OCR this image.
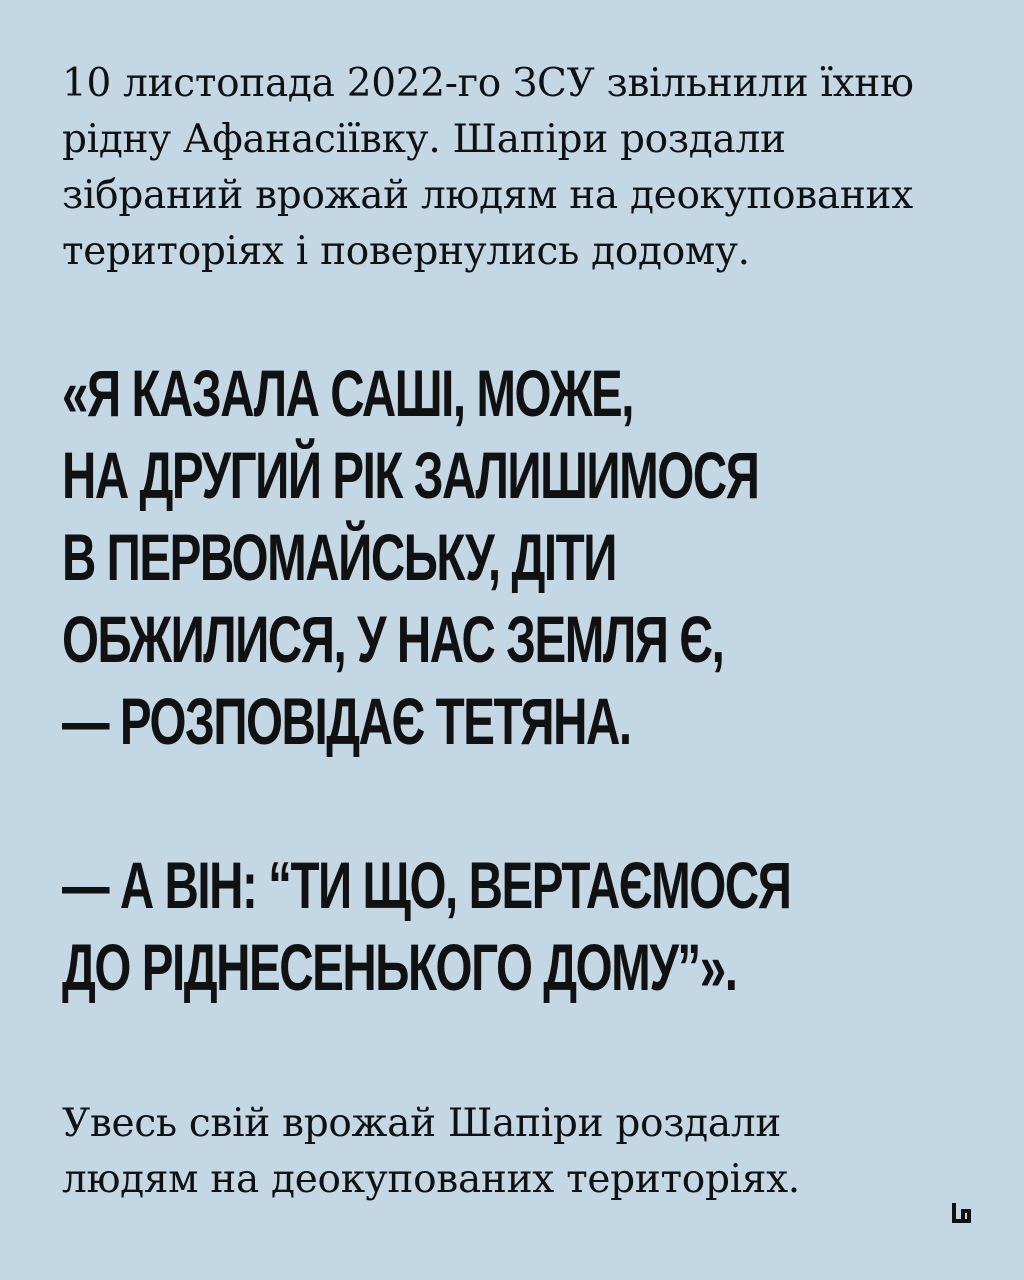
10 листопада 2022-го ЗСУ звільнили їхню
рідну Афанасіївку. Шапіри роздали
зібраний врожай людям на деокупованих
територіях і повернулись додому.
«Я КАЗАЛА САШІ, МОЖЕ,
НА ДРУГИЙ РІК ЗАЛИШИМОСЯ
В ПЕРВОМАЙСЬКУ, ДІТИ
ОБЖИЛИСЯ, У НАС ЗЕМЛЯ Є,
— РОЗПОВІДАЄ ТЕТЯНА.
— А ВІН: “ТИ ЩО, ВЕРТАЄМОСЯ
ДО РІДНЕСЕНЬКОГО ДОМУ”».
Увесь свій врожай Шапіри роздали
людям на деокупованих територіях.
